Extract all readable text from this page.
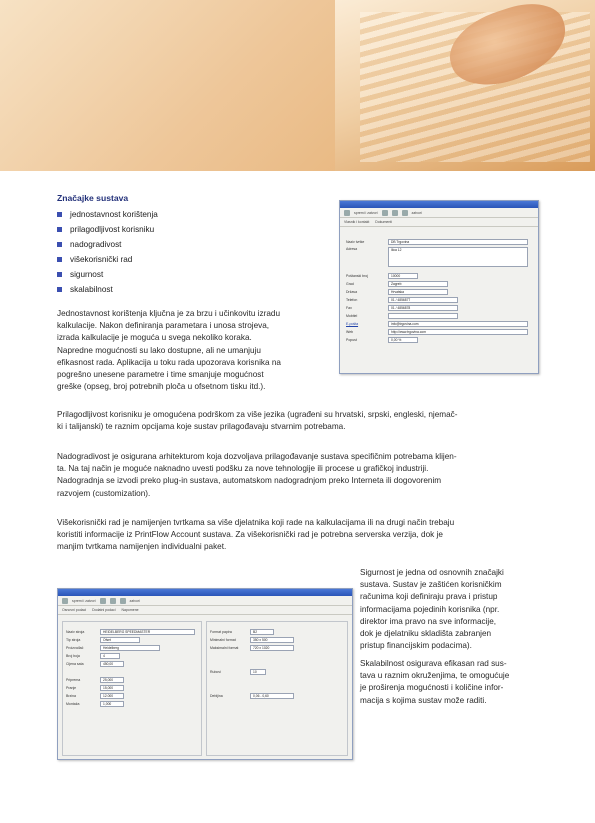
Značajke sustava
jednostavnost korištenja
prilagodljivost korisniku
nadogradivost
višekorisnički rad
sigurnost
skalabilnost
Jednostavnost korištenja ključna je za brzu i učinkovitu izradu
kalkulacije. Nakon definiranja parametara i unosa strojeva,
izrada kalkulacije je moguća u svega nekoliko koraka.
Napredne mogućnosti su lako dostupne, ali ne umanjuju
efikasnost rada. Aplikacija u toku rada upozorava korisnika na
pogrešno unesene parametre i time smanjuje mogućnost
greške (opseg, broj potrebnih ploča u ofsetnom tisku itd.).
Prilagodljivost korisniku je omogućena podrškom za više jezika (ugrađeni su hrvatski, srpski, engleski, njemač-
ki i talijanski) te raznim opcijama koje sustav prilagođavaju stvarnim potrebama.
Nadogradivost je osigurana arhitekturom koja dozvoljava prilagođavanje sustava specifičnim potrebama klijen-
ta. Na taj način je moguće naknadno uvesti podšku za nove tehnologije ili procese u grafičkoj industriji.
Nadogradnja se izvodi preko plug-in sustava, automatskom nadogradnjom preko Interneta ili dogovorenim
razvojem (customization).
Višekorisnički rad je namijenjen tvrtkama sa više djelatnika koji rade na kalkulacijama ili na drugi način trebaju
koristiti informacije iz PrintFlow Account sustava. Za višekorisnički rad je potrebna serverska verzija, dok je
manjim tvrtkama namijenjen individualni paket.
Sigurnost je jedna od osnovnih značajki
sustava. Sustav je zaštićen korisničkim
računima koji definiraju prava i pristup
informacijama pojedinih korisnika (npr.
direktor ima pravo na sve informacije,
dok je djelatniku skladišta zabranjen
pristup financijskim podacima).
Skalabilnost osigurava efikasan rad sus-
tava u raznim okruženjima, te omogućuje
je proširenja mogućnosti i količine infor-
macija s kojima sustav može raditi.
spremi i zatvori	zatvori
Vlasnik i kontakt Dokumenti
Naziv tvrtke	DB Trgovina
Adresa	Ilica 12
Poštanski broj	10000
Grad	Zagreb
Država	Hrvatska
Telefon	01 / 4856877
Fax	01 / 4856878
Mobitel
E-pošta	info@trgovina.com
Web	http://www.trgovina.com
Popust	0,00 %
spremi i zatvori	zatvori
Osnovni podaci Dodatni podaci Napomene
Naziv stroja	HEIDELBERG SPEEDMASTER
Tip stroja	Ofset
Proizvođač	Heidelberg
Broj boja	4
Cijena sata	450,00
Priprema	25,000
Pranje	15,000
Brzina	12.000
Montaža	1,000
Format papira	B2
Minimalni format	350 x 500
Maksimalni format	720 x 1020
Rubovi	10
Debljina	0,06 - 0,60
